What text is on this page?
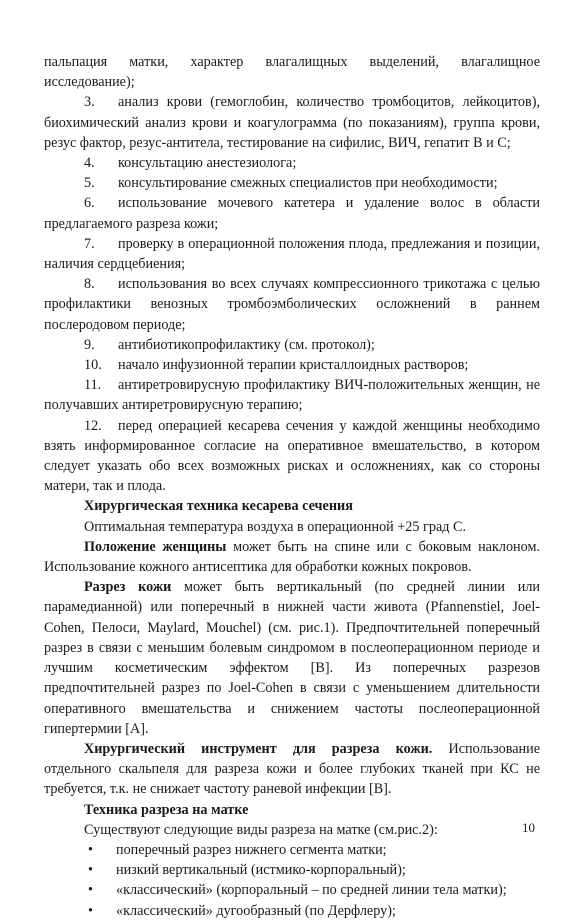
пальпация матки, характер влагалищных выделений, влагалищное исследование);

3. анализ крови (гемоглобин, количество тромбоцитов, лейкоцитов), биохимический анализ крови и коагулограмма (по показаниям), группа крови, резус фактор, резус-антитела, тестирование на сифилис, ВИЧ, гепатит В и С;

4. консультацию анестезиолога;

5. консультирование смежных специалистов при необходимости;

6. использование мочевого катетера и удаление волос в области предлагаемого разреза кожи;

7. проверку в операционной положения плода, предлежания и позиции, наличия сердцебиения;

8. использования во всех случаях компрессионного трикотажа с целью профилактики венозных тромбоэмболических осложнений в раннем послеродовом периоде;

9. антибиотикопрофилактику (см. протокол);

10. начало инфузионной терапии кристаллоидных растворов;

11. антиретровирусную профилактику ВИЧ-положительных женщин, не получавших антиретровирусную терапию;

12. перед операцией кесарева сечения у каждой женщины необходимо взять информированное согласие на оперативное вмешательство, в котором следует указать обо всех возможных рисках и осложнениях, как со стороны матери, так и плода.

Хирургическая техника кесарева сечения

Оптимальная температура воздуха в операционной +25 град С.

Положение женщины может быть на спине или с боковым наклоном. Использование кожного антисептика для обработки кожных покровов.

Разрез кожи может быть вертикальный (по средней линии или парамедианной) или поперечный в нижней части живота (Pfannenstiel, Joel-Cohen, Пелоси, Maylard, Mouchel) (см. рис.1). Предпочтительней поперечный разрез в связи с меньшим болевым синдромом в послеоперационном периоде и лучшим косметическим эффектом [B]. Из поперечных разрезов предпочтительней разрез по Joel-Cohen в связи с уменьшением длительности оперативного вмешательства и снижением частоты послеоперационной гипертермии [A].

Хирургический инструмент для разреза кожи. Использование отдельного скальпеля для разреза кожи и более глубоких тканей при КС не требуется, т.к. не снижает частоту раневой инфекции [B].

Техника разреза на матке

Существуют следующие виды разреза на матке (см.рис.2):

• поперечный разрез нижнего сегмента матки;

• низкий вертикальный (истмико-корпоральный);

• «классический» (корпоральный – по средней линии тела матки);

• «классический» дугообразный (по Дерфлеру);

10
